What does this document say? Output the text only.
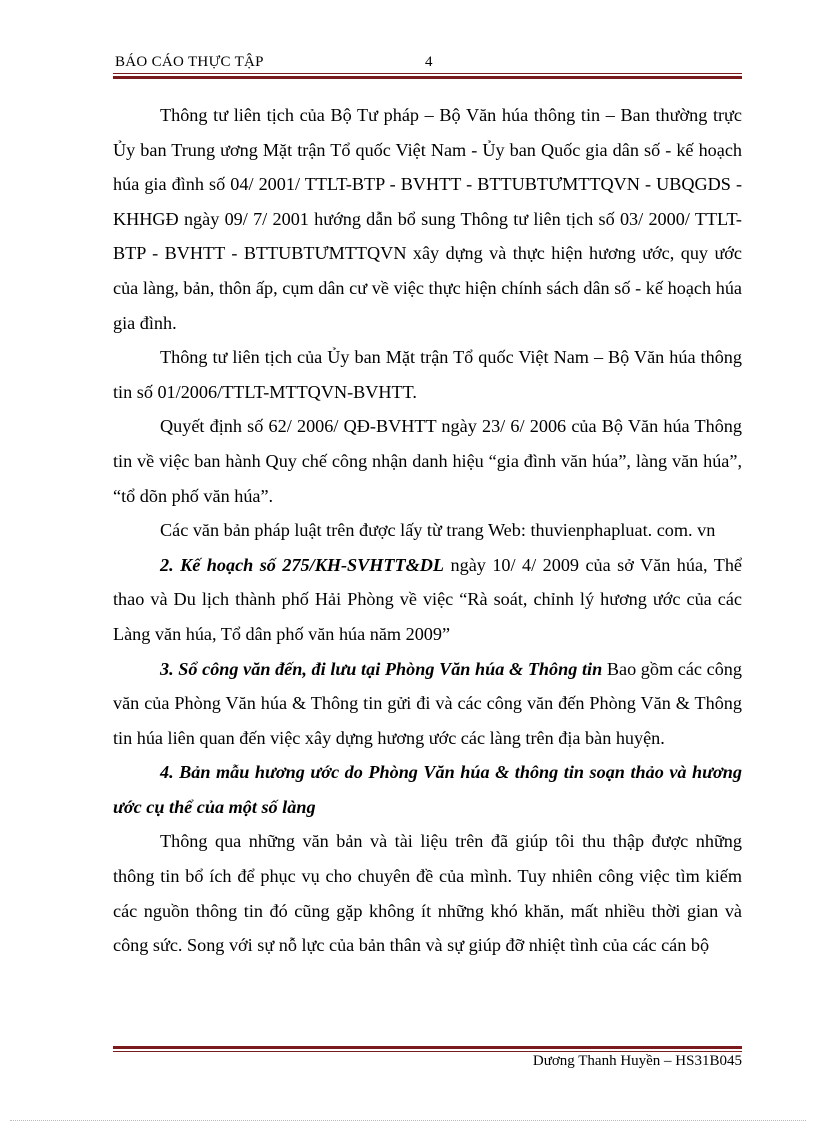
BÁO CÁO THỰC TẬP	4

Thông tư liên tịch của Bộ Tư pháp – Bộ Văn húa thông tin – Ban thường trực Ủy ban Trung ương Mặt trận Tổ quốc Việt Nam - Ủy ban Quốc gia dân số - kế hoạch húa gia đình số 04/ 2001/ TTLT-BTP - BVHTT - BTTUBTƯMTTQVN - UBQGDS - KHHGĐ ngày 09/ 7/ 2001 hướng dẫn bổ sung Thông tư liên tịch số 03/ 2000/ TTLT-BTP - BVHTT - BTTUBTƯMTTQVN xây dựng và thực hiện hương ước, quy ước của làng, bản, thôn ấp, cụm dân cư về việc thực hiện chính sách dân số - kế hoạch húa gia đình.

Thông tư liên tịch của Ủy ban Mặt trận Tổ quốc Việt Nam – Bộ Văn húa thông tin số 01/2006/TTLT-MTTQVN-BVHTT.

Quyết định số 62/ 2006/ QĐ-BVHTT ngày 23/ 6/ 2006 của Bộ Văn húa Thông tin về việc ban hành Quy chế công nhận danh hiệu “gia đình văn húa”, làng văn húa”, “tổ dõn phố văn húa”.

Các văn bản pháp luật trên được lấy từ trang Web: thuvienphapluat. com. vn

2. Kế hoạch số 275/KH-SVHTT&DL ngày 10/ 4/ 2009 của sở Văn húa, Thể thao và Du lịch thành phố Hải Phòng về việc “Rà soát, chỉnh lý hương ước của các Làng văn húa, Tổ dân phố văn húa năm 2009”

3. Sổ công văn đến, đi lưu tại Phòng Văn húa & Thông tin Bao gồm các công văn của Phòng Văn húa & Thông tin gửi đi và các công văn đến Phòng Văn & Thông tin húa liên quan đến việc xây dựng hương ước các làng trên địa bàn huyện.

4. Bản mẫu hương ước do Phòng Văn húa & thông tin soạn thảo và hương ước cụ thể của một số làng

Thông qua những văn bản và tài liệu trên đã giúp tôi thu thập được những thông tin bổ ích để phục vụ cho chuyên đề của mình. Tuy nhiên công việc tìm kiếm các nguồn thông tin đó cũng gặp không ít những khó khăn, mất nhiều thời gian và công sức. Song với sự nỗ lực của bản thân và sự giúp đỡ nhiệt tình của các cán bộ

Dương Thanh Huyền – HS31B045
